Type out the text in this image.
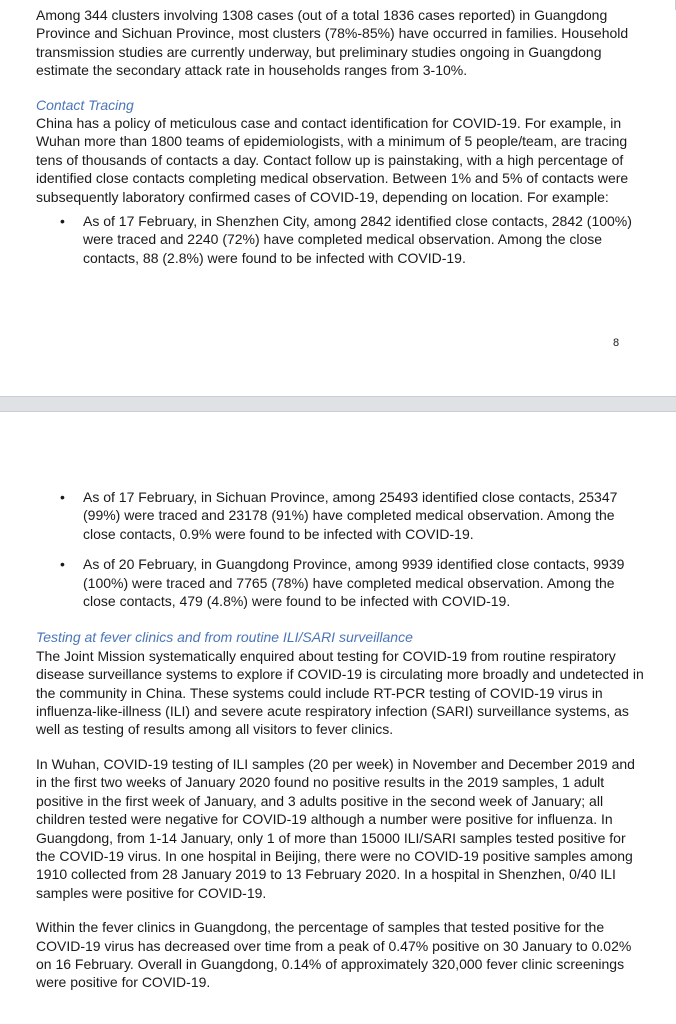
Among 344 clusters involving 1308 cases (out of a total 1836 cases reported) in Guangdong Province and Sichuan Province, most clusters (78%-85%) have occurred in families. Household transmission studies are currently underway, but preliminary studies ongoing in Guangdong estimate the secondary attack rate in households ranges from 3-10%.

Contact Tracing

China has a policy of meticulous case and contact identification for COVID-19. For example, in Wuhan more than 1800 teams of epidemiologists, with a minimum of 5 people/team, are tracing tens of thousands of contacts a day. Contact follow up is painstaking, with a high percentage of identified close contacts completing medical observation. Between 1% and 5% of contacts were subsequently laboratory confirmed cases of COVID-19, depending on location. For example:

• As of 17 February, in Shenzhen City, among 2842 identified close contacts, 2842 (100%) were traced and 2240 (72%) have completed medical observation. Among the close contacts, 88 (2.8%) were found to be infected with COVID-19.
8
• As of 17 February, in Sichuan Province, among 25493 identified close contacts, 25347 (99%) were traced and 23178 (91%) have completed medical observation. Among the close contacts, 0.9% were found to be infected with COVID-19.
• As of 20 February, in Guangdong Province, among 9939 identified close contacts, 9939 (100%) were traced and 7765 (78%) have completed medical observation. Among the close contacts, 479 (4.8%) were found to be infected with COVID-19.

Testing at fever clinics and from routine ILI/SARI surveillance

The Joint Mission systematically enquired about testing for COVID-19 from routine respiratory disease surveillance systems to explore if COVID-19 is circulating more broadly and undetected in the community in China. These systems could include RT-PCR testing of COVID-19 virus in influenza-like-illness (ILI) and severe acute respiratory infection (SARI) surveillance systems, as well as testing of results among all visitors to fever clinics.

In Wuhan, COVID-19 testing of ILI samples (20 per week) in November and December 2019 and in the first two weeks of January 2020 found no positive results in the 2019 samples, 1 adult positive in the first week of January, and 3 adults positive in the second week of January; all children tested were negative for COVID-19 although a number were positive for influenza. In Guangdong, from 1-14 January, only 1 of more than 15000 ILI/SARI samples tested positive for the COVID-19 virus. In one hospital in Beijing, there were no COVID-19 positive samples among 1910 collected from 28 January 2019 to 13 February 2020. In a hospital in Shenzhen, 0/40 ILI samples were positive for COVID-19.

Within the fever clinics in Guangdong, the percentage of samples that tested positive for the COVID-19 virus has decreased over time from a peak of 0.47% positive on 30 January to 0.02% on 16 February. Overall in Guangdong, 0.14% of approximately 320,000 fever clinic screenings were positive for COVID-19.
